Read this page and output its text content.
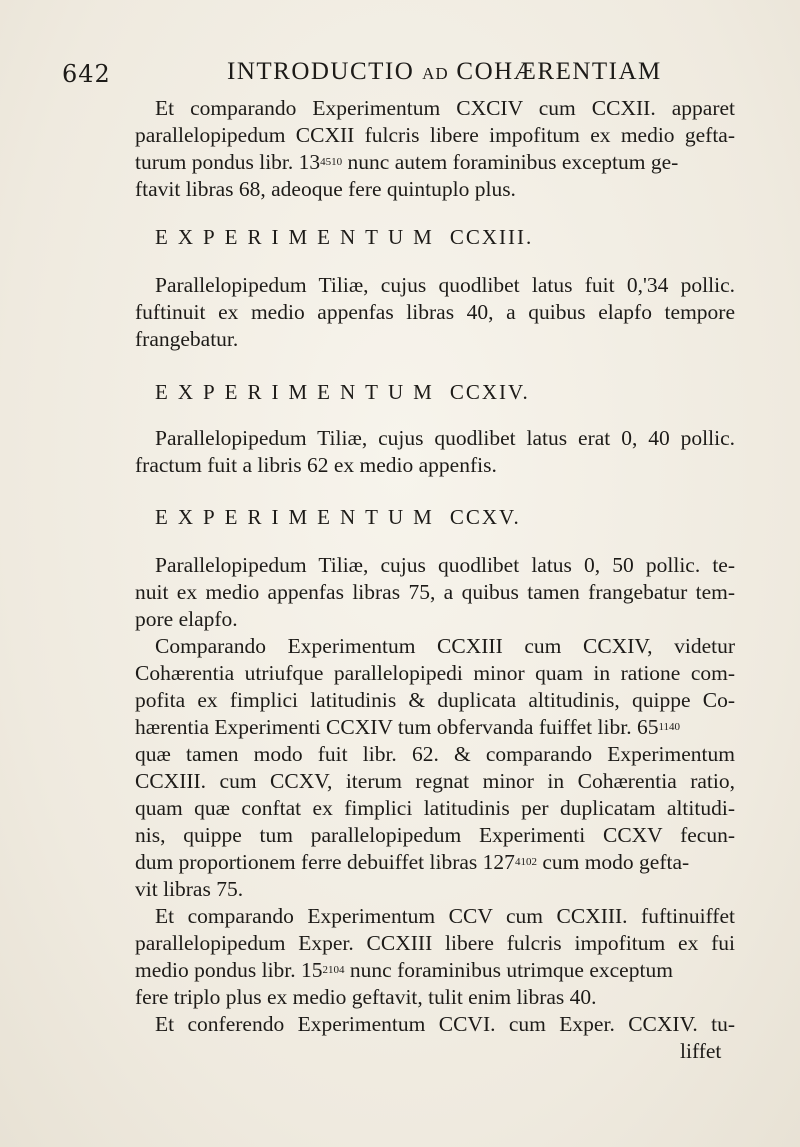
642	INTRODUCTIO AD COHÆRENTIAM
Et comparando Experimentum CXCIV cum CCXII. apparet
parallelopipedum CCXII fulcris libere impofitum ex medio gefta-
turum pondus libr. 134510 nunc autem foraminibus exceptum ge-
ftavit libras 68, adeoque fere quintuplo plus.
EXPERIMENTUM CCXIII.
Parallelopipedum Tiliæ, cujus quodlibet latus fuit 0,'34 pollic.
fuftinuit ex medio appenfas libras 40, a quibus elapfo tempore
frangebatur.
EXPERIMENTUM CCXIV.
Parallelopipedum Tiliæ, cujus quodlibet latus erat 0, 40 pollic.
fractum fuit a libris 62 ex medio appenfis.
EXPERIMENTUM CCXV.
Parallelopipedum Tiliæ, cujus quodlibet latus 0, 50 pollic. te-
nuit ex medio appenfas libras 75, a quibus tamen frangebatur tem-
pore elapfo.
Comparando Experimentum CCXIII cum CCXIV, videtur
Cohærentia utriufque parallelopipedi minor quam in ratione com-
pofita ex fimplici latitudinis & duplicata altitudinis, quippe Co-
hærentia Experimenti CCXIV tum obfervanda fuiffet libr. 651140
quæ tamen modo fuit libr. 62. & comparando Experimentum
CCXIII. cum CCXV, iterum regnat minor in Cohærentia ratio,
quam quæ conftat ex fimplici latitudinis per duplicatam altitudi-
nis, quippe tum parallelopipedum Experimenti CCXV fecun-
dum proportionem ferre debuiffet libras 1274102 cum modo gefta-
vit libras 75.
Et comparando Experimentum CCV cum CCXIII. fuftinuiffet
parallelopipedum Exper. CCXIII libere fulcris impofitum ex fui
medio pondus libr. 152104 nunc foraminibus utrimque exceptum
fere triplo plus ex medio geftavit, tulit enim libras 40.
Et conferendo Experimentum CCVI. cum Exper. CCXIV. tu-
liffet
